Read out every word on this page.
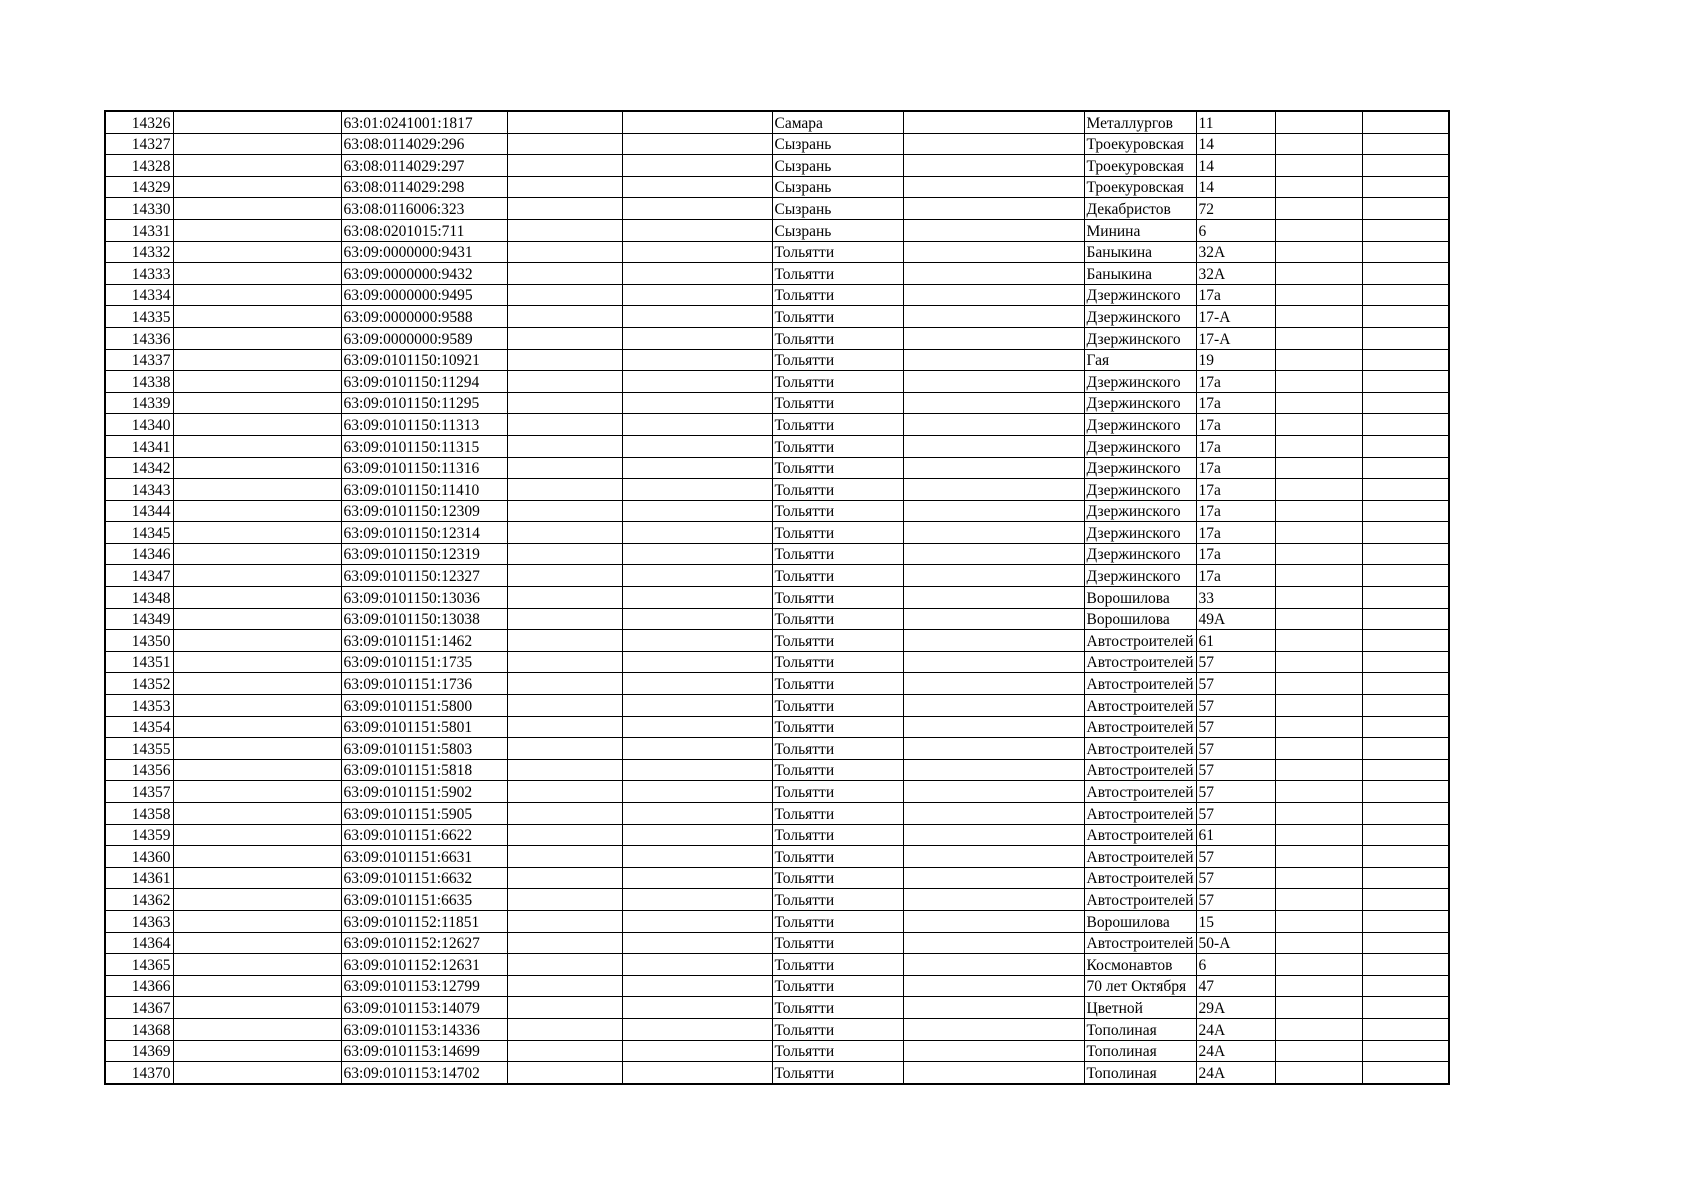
14326		63:01:0241001:1817			Самара		Металлургов	11		
14327		63:08:0114029:296			Сызрань		Троекуровская	14		
14328		63:08:0114029:297			Сызрань		Троекуровская	14		
14329		63:08:0114029:298			Сызрань		Троекуровская	14		
14330		63:08:0116006:323			Сызрань		Декабристов	72		
14331		63:08:0201015:711			Сызрань		Минина	6		
14332		63:09:0000000:9431			Тольятти		Баныкина	32А		
14333		63:09:0000000:9432			Тольятти		Баныкина	32А		
14334		63:09:0000000:9495			Тольятти		Дзержинского	17а		
14335		63:09:0000000:9588			Тольятти		Дзержинского	17-А		
14336		63:09:0000000:9589			Тольятти		Дзержинского	17-А		
14337		63:09:0101150:10921			Тольятти		Гая	19		
14338		63:09:0101150:11294			Тольятти		Дзержинского	17а		
14339		63:09:0101150:11295			Тольятти		Дзержинского	17а		
14340		63:09:0101150:11313			Тольятти		Дзержинского	17а		
14341		63:09:0101150:11315			Тольятти		Дзержинского	17а		
14342		63:09:0101150:11316			Тольятти		Дзержинского	17а		
14343		63:09:0101150:11410			Тольятти		Дзержинского	17а		
14344		63:09:0101150:12309			Тольятти		Дзержинского	17а		
14345		63:09:0101150:12314			Тольятти		Дзержинского	17а		
14346		63:09:0101150:12319			Тольятти		Дзержинского	17а		
14347		63:09:0101150:12327			Тольятти		Дзержинского	17а		
14348		63:09:0101150:13036			Тольятти		Ворошилова	33		
14349		63:09:0101150:13038			Тольятти		Ворошилова	49А		
14350		63:09:0101151:1462			Тольятти		Автостроителей	61		
14351		63:09:0101151:1735			Тольятти		Автостроителей	57		
14352		63:09:0101151:1736			Тольятти		Автостроителей	57		
14353		63:09:0101151:5800			Тольятти		Автостроителей	57		
14354		63:09:0101151:5801			Тольятти		Автостроителей	57		
14355		63:09:0101151:5803			Тольятти		Автостроителей	57		
14356		63:09:0101151:5818			Тольятти		Автостроителей	57		
14357		63:09:0101151:5902			Тольятти		Автостроителей	57		
14358		63:09:0101151:5905			Тольятти		Автостроителей	57		
14359		63:09:0101151:6622			Тольятти		Автостроителей	61		
14360		63:09:0101151:6631			Тольятти		Автостроителей	57		
14361		63:09:0101151:6632			Тольятти		Автостроителей	57		
14362		63:09:0101151:6635			Тольятти		Автостроителей	57		
14363		63:09:0101152:11851			Тольятти		Ворошилова	15		
14364		63:09:0101152:12627			Тольятти		Автостроителей	50-А		
14365		63:09:0101152:12631			Тольятти		Космонавтов	6		
14366		63:09:0101153:12799			Тольятти		70 лет Октября	47		
14367		63:09:0101153:14079			Тольятти		Цветной	29А		
14368		63:09:0101153:14336			Тольятти		Тополиная	24А		
14369		63:09:0101153:14699			Тольятти		Тополиная	24А		
14370		63:09:0101153:14702			Тольятти		Тополиная	24А		
